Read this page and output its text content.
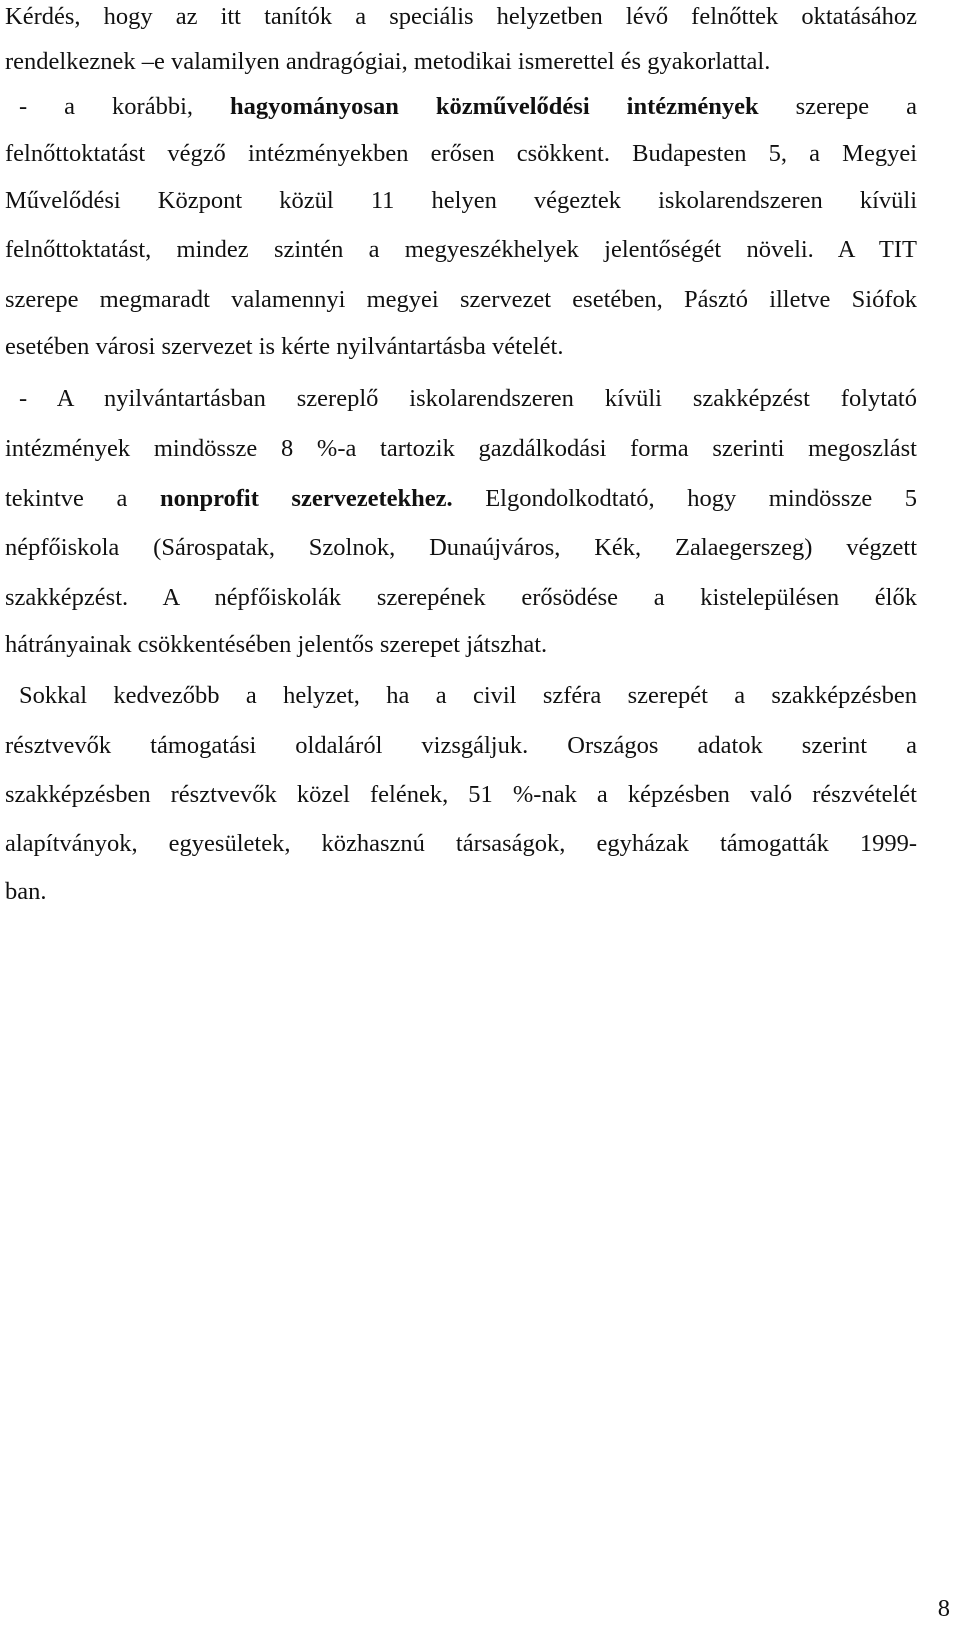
Kérdés, hogy az itt tanítók a speciális helyzetben lévő felnőttek oktatásához
rendelkeznek –e valamilyen andragógiai, metodikai ismerettel és gyakorlattal.
- a korábbi, hagyományosan közművelődési intézmények szerepe a
felnőttoktatást végző intézményekben erősen csökkent. Budapesten 5, a Megyei
Művelődési Központ közül 11 helyen végeztek iskolarendszeren kívüli
felnőttoktatást, mindez szintén a megyeszékhelyek jelentőségét növeli. A TIT
szerepe megmaradt valamennyi megyei szervezet esetében, Pásztó illetve Siófok
esetében városi szervezet is kérte nyilvántartásba vételét.
- A nyilvántartásban szereplő iskolarendszeren kívüli szakképzést folytató
intézmények mindössze 8 %-a tartozik gazdálkodási forma szerinti megoszlást
tekintve a nonprofit szervezetekhez. Elgondolkodtató, hogy mindössze 5
népfőiskola (Sárospatak, Szolnok, Dunaújváros, Kék, Zalaegerszeg) végzett
szakképzést. A népfőiskolák szerepének erősödése a kistelepülésen élők
hátrányainak csökkentésében jelentős szerepet játszhat.
Sokkal kedvezőbb a helyzet, ha a civil szféra szerepét a szakképzésben
résztvevők támogatási oldaláról vizsgáljuk. Országos adatok szerint a
szakképzésben résztvevők közel felének, 51 %-nak a képzésben való részvételét
alapítványok, egyesületek, közhasznú társaságok, egyházak támogatták 1999-
ban.
8
